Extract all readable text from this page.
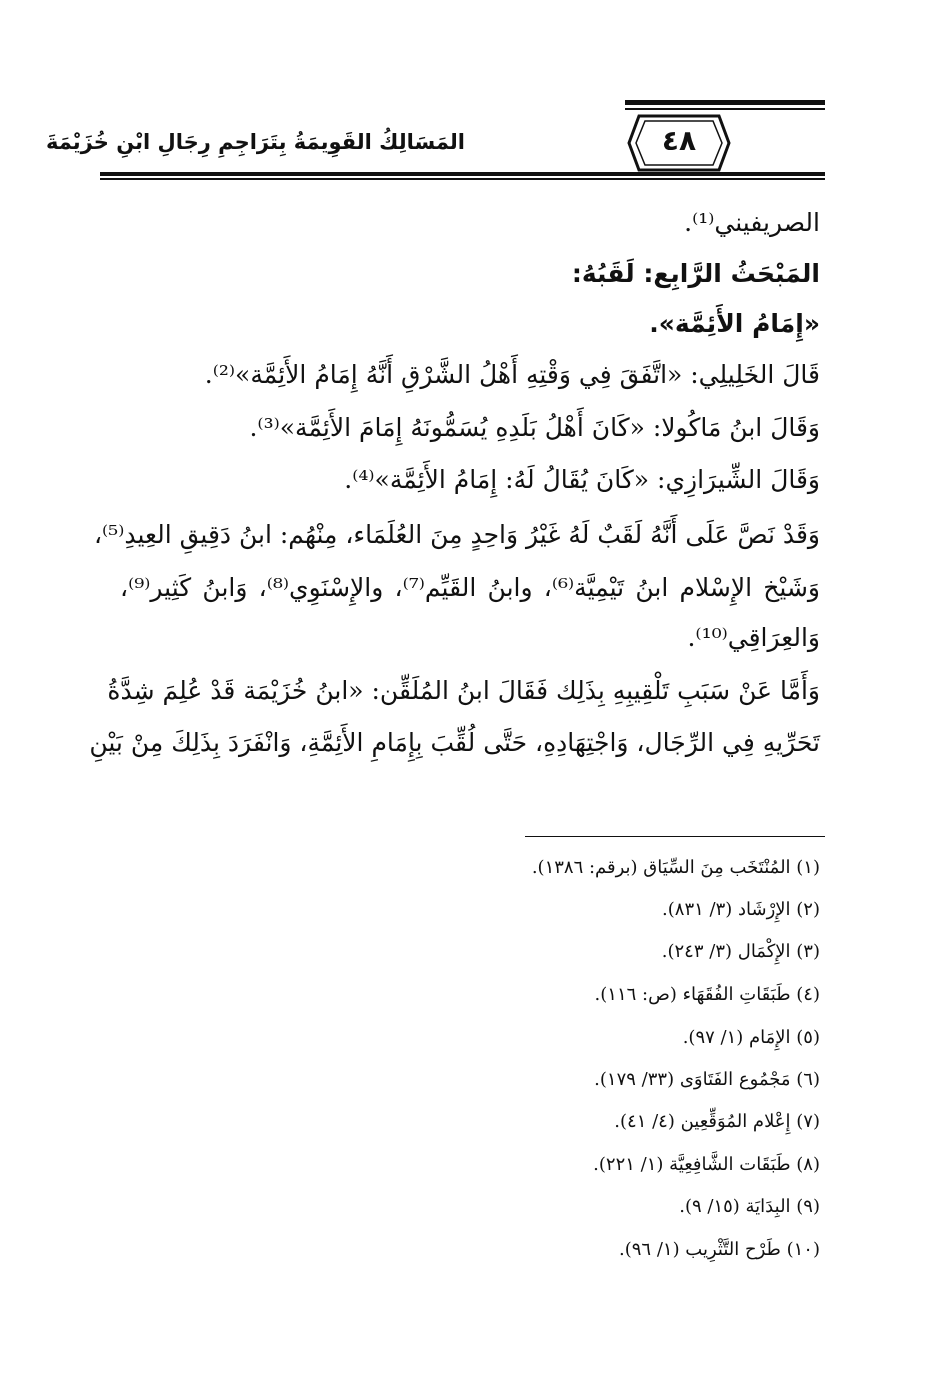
٤٨
المَسَالِكُ القَوِيمَةُ بِتَرَاجِمِ رِجَالِ ابْنِ خُزَيْمَةَ
الصريفيني⁽¹⁾.
المَبْحَثُ الرَّابِع: لَقَبُهُ:
«إِمَامُ الأَئِمَّة».
قَالَ الخَلِيلِي: «اتَّفَقَ فِي وَقْتِهِ أَهْلُ الشَّرْقِ أَنَّهُ إِمَامُ الأَئِمَّة»⁽²⁾.
وَقَالَ ابنُ مَاكُولا: «كَانَ أَهْلُ بَلَدِهِ يُسَمُّونَهُ إِمَامَ الأَئِمَّة»⁽³⁾.
وَقَالَ الشِّيرَازِي: «كَانَ يُقَالُ لَهُ: إِمَامُ الأَئِمَّة»⁽⁴⁾.
وَقَدْ نَصَّ عَلَى أَنَّهُ لَقَبٌ لَهُ غَيْرُ وَاحِدٍ مِنَ العُلَمَاء، مِنْهُم: ابنُ دَقِيقِ العِيدِ⁽⁵⁾،
وَشَيْخ الإِسْلام ابنُ تَيْمِيَّة⁽⁶⁾، وابنُ القَيِّم⁽⁷⁾، والإِسْنَوِي⁽⁸⁾، وَابنُ كَثِير⁽⁹⁾،
وَالعِرَاقِي⁽¹⁰⁾.
وَأَمَّا عَنْ سَبَبِ تَلْقِيبِهِ بِذَلِك فَقَالَ ابنُ المُلَقِّن: «ابنُ خُزَيْمَة قَدْ عُلِمَ شِدَّةُ
تَحَرِّيهِ فِي الرِّجَال، وَاجْتِهَادِهِ، حَتَّى لُقِّبَ بِإِمَامِ الأَئِمَّةِ، وَانْفَرَدَ بِذَلِكَ مِنْ بَيْنِ
(١) المُنْتَخَب مِنَ السِّيَاق (برقم: ١٣٨٦).
(٢) الإِرْشَاد (٣/ ٨٣١).
(٣) الإِكْمَال (٣/ ٢٤٣).
(٤) طَبَقَاتِ الفُقَهَاء (ص: ١١٦).
(٥) الإِمَام (١/ ٩٧).
(٦) مَجْمُوع الفَتَاوَى (٣٣/ ١٧٩).
(٧) إِعْلام المُوَقِّعِين (٤/ ٤١).
(٨) طَبَقَات الشَّافِعِيَّة (١/ ٢٢١).
(٩) البِدَايَة (١٥/ ٩).
(١٠) طَرْح التَّثْرِيب (١/ ٩٦).
